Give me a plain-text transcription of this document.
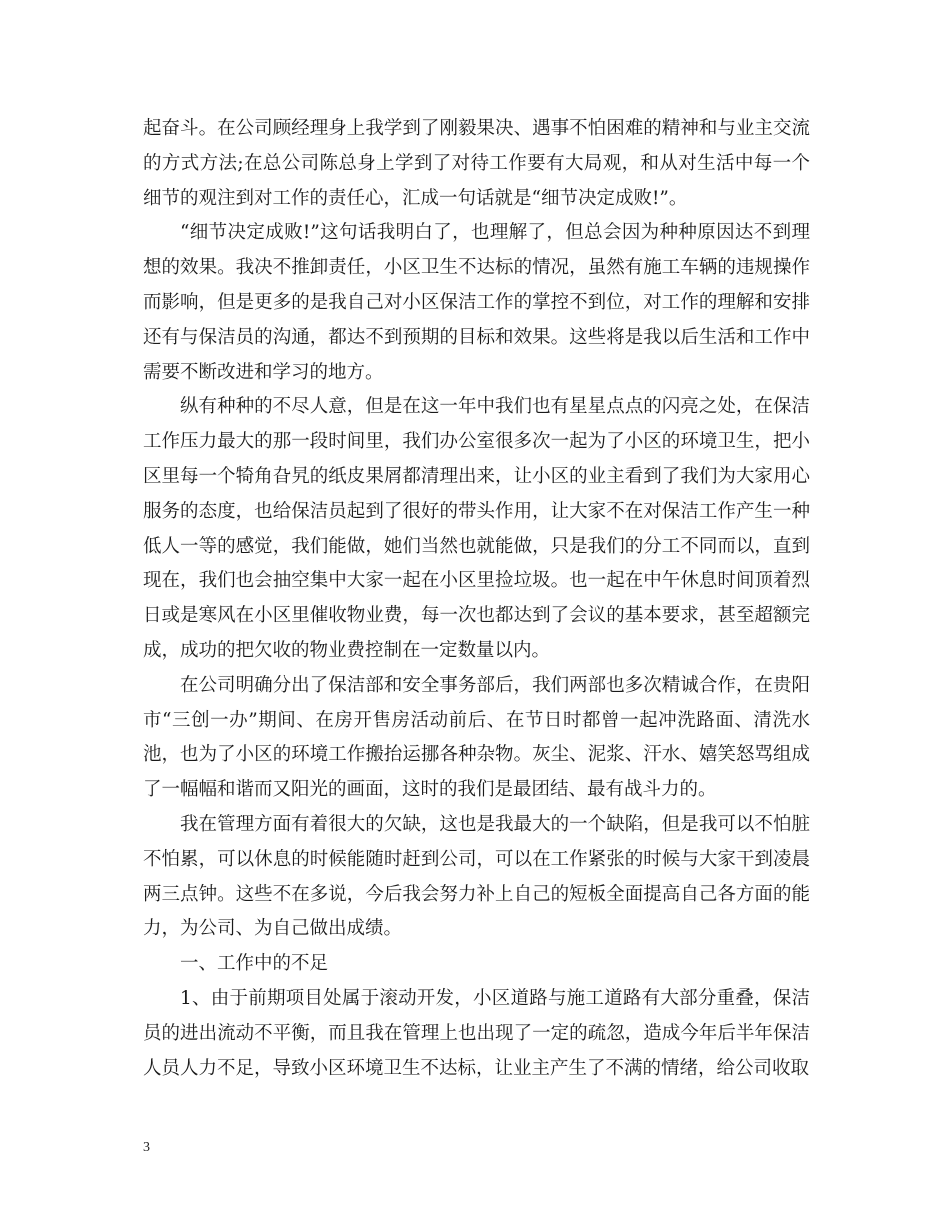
起奋斗。在公司顾经理身上我学到了刚毅果决、遇事不怕困难的精神和与业主交流的方式方法;在总公司陈总身上学到了对待工作要有大局观，和从对生活中每一个细节的观注到对工作的责任心，汇成一句话就是“细节决定成败!”。

“细节决定成败!”这句话我明白了，也理解了，但总会因为种种原因达不到理想的效果。我决不推卸责任，小区卫生不达标的情况，虽然有施工车辆的违规操作而影响，但是更多的是我自己对小区保洁工作的掌控不到位，对工作的理解和安排还有与保洁员的沟通，都达不到预期的目标和效果。这些将是我以后生活和工作中需要不断改进和学习的地方。

纵有种种的不尽人意，但是在这一年中我们也有星星点点的闪亮之处，在保洁工作压力最大的那一段时间里，我们办公室很多次一起为了小区的环境卫生，把小区里每一个犄角旮旯的纸皮果屑都清理出来，让小区的业主看到了我们为大家用心服务的态度，也给保洁员起到了很好的带头作用，让大家不在对保洁工作产生一种低人一等的感觉，我们能做，她们当然也就能做，只是我们的分工不同而以，直到现在，我们也会抽空集中大家一起在小区里捡垃圾。也一起在中午休息时间顶着烈日或是寒风在小区里催收物业费，每一次也都达到了会议的基本要求，甚至超额完成，成功的把欠收的物业费控制在一定数量以内。

在公司明确分出了保洁部和安全事务部后，我们两部也多次精诚合作，在贵阳市“三创一办”期间、在房开售房活动前后、在节日时都曾一起冲洗路面、清洗水池，也为了小区的环境工作搬抬运挪各种杂物。灰尘、泥浆、汗水、嬉笑怒骂组成了一幅幅和谐而又阳光的画面，这时的我们是最团结、最有战斗力的。

我在管理方面有着很大的欠缺，这也是我最大的一个缺陷，但是我可以不怕脏不怕累，可以休息的时候能随时赶到公司，可以在工作紧张的时候与大家干到凌晨两三点钟。这些不在多说，今后我会努力补上自己的短板全面提高自己各方面的能力，为公司、为自己做出成绩。

一、工作中的不足

1、由于前期项目处属于滚动开发，小区道路与施工道路有大部分重叠，保洁员的进出流动不平衡，而且我在管理上也出现了一定的疏忽，造成今年后半年保洁人员人力不足，导致小区环境卫生不达标，让业主产生了不满的情绪，给公司收取

3
